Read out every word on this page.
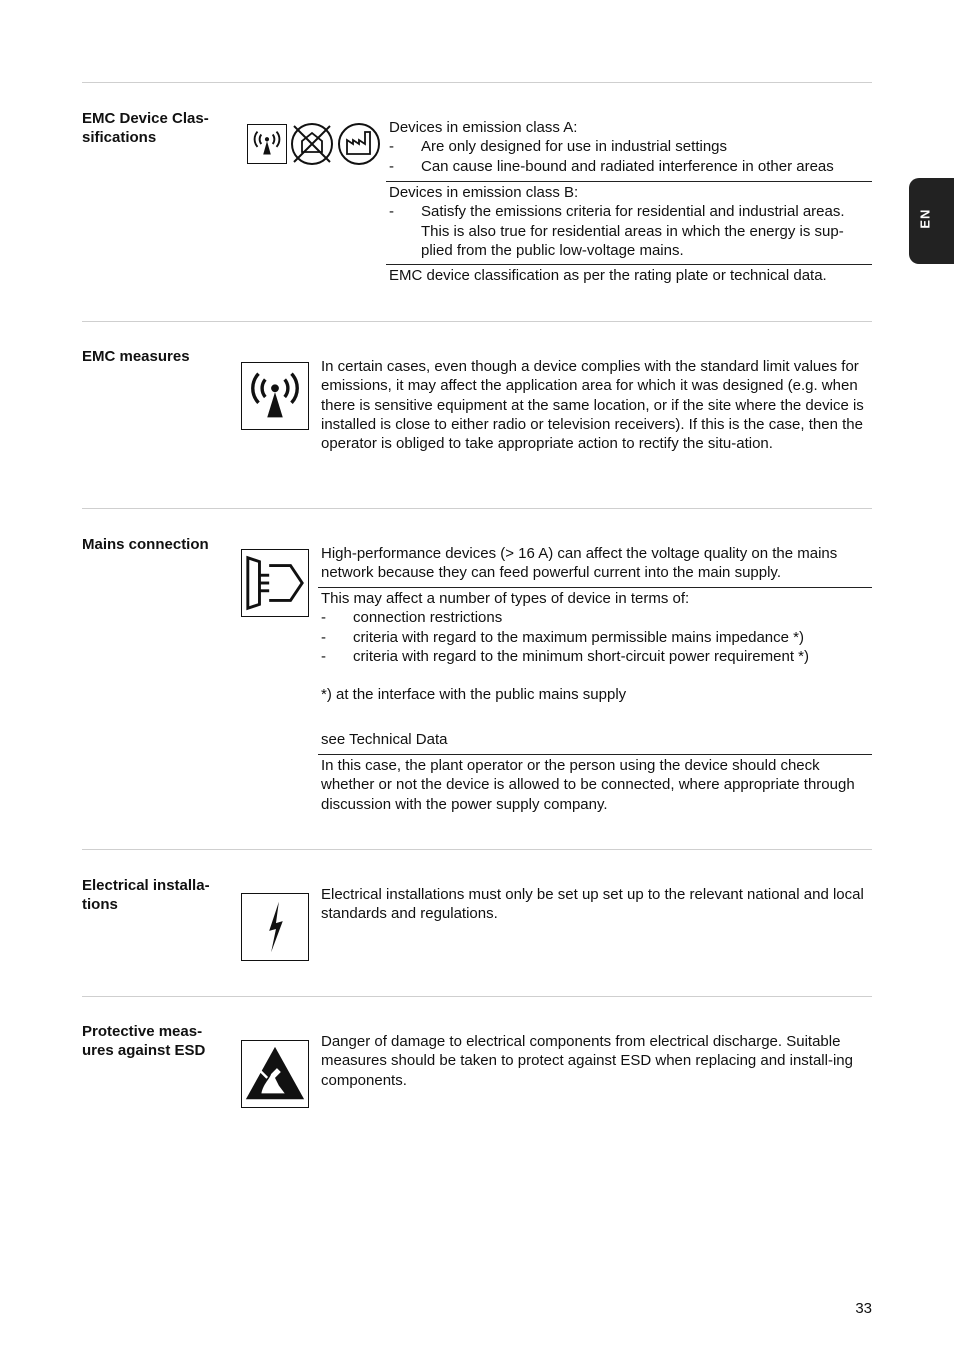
EN
EMC Device Clas-sifications
Devices in emission class A:
- Are only designed for use in industrial settings
- Can cause line-bound and radiated interference in other areas
Devices in emission class B:
- Satisfy the emissions criteria for residential and industrial areas. This is also true for residential areas in which the energy is sup-plied from the public low-voltage mains.
EMC device classification as per the rating plate or technical data.
EMC measures
In certain cases, even though a device complies with the standard limit values for emissions, it may affect the application area for which it was designed (e.g. when there is sensitive equipment at the same location, or if the site where the device is installed is close to either radio or television receivers). If this is the case, then the operator is obliged to take appropriate action to rectify the situ-ation.
Mains connection
High-performance devices (> 16 A) can affect the voltage quality on the mains network because they can feed powerful current into the main supply.
This may affect a number of types of device in terms of:
- connection restrictions
- criteria with regard to the maximum permissible mains impedance *)
- criteria with regard to the minimum short-circuit power requirement *)
*) at the interface with the public mains supply
see Technical Data
In this case, the plant operator or the person using the device should check whether or not the device is allowed to be connected, where appropriate through discussion with the power supply company.
Electrical installa-tions
Electrical installations must only be set up set up to the relevant national and local standards and regulations.
Protective meas-ures against ESD
Danger of damage to electrical components from electrical discharge. Suitable measures should be taken to protect against ESD when replacing and install-ing components.
33
